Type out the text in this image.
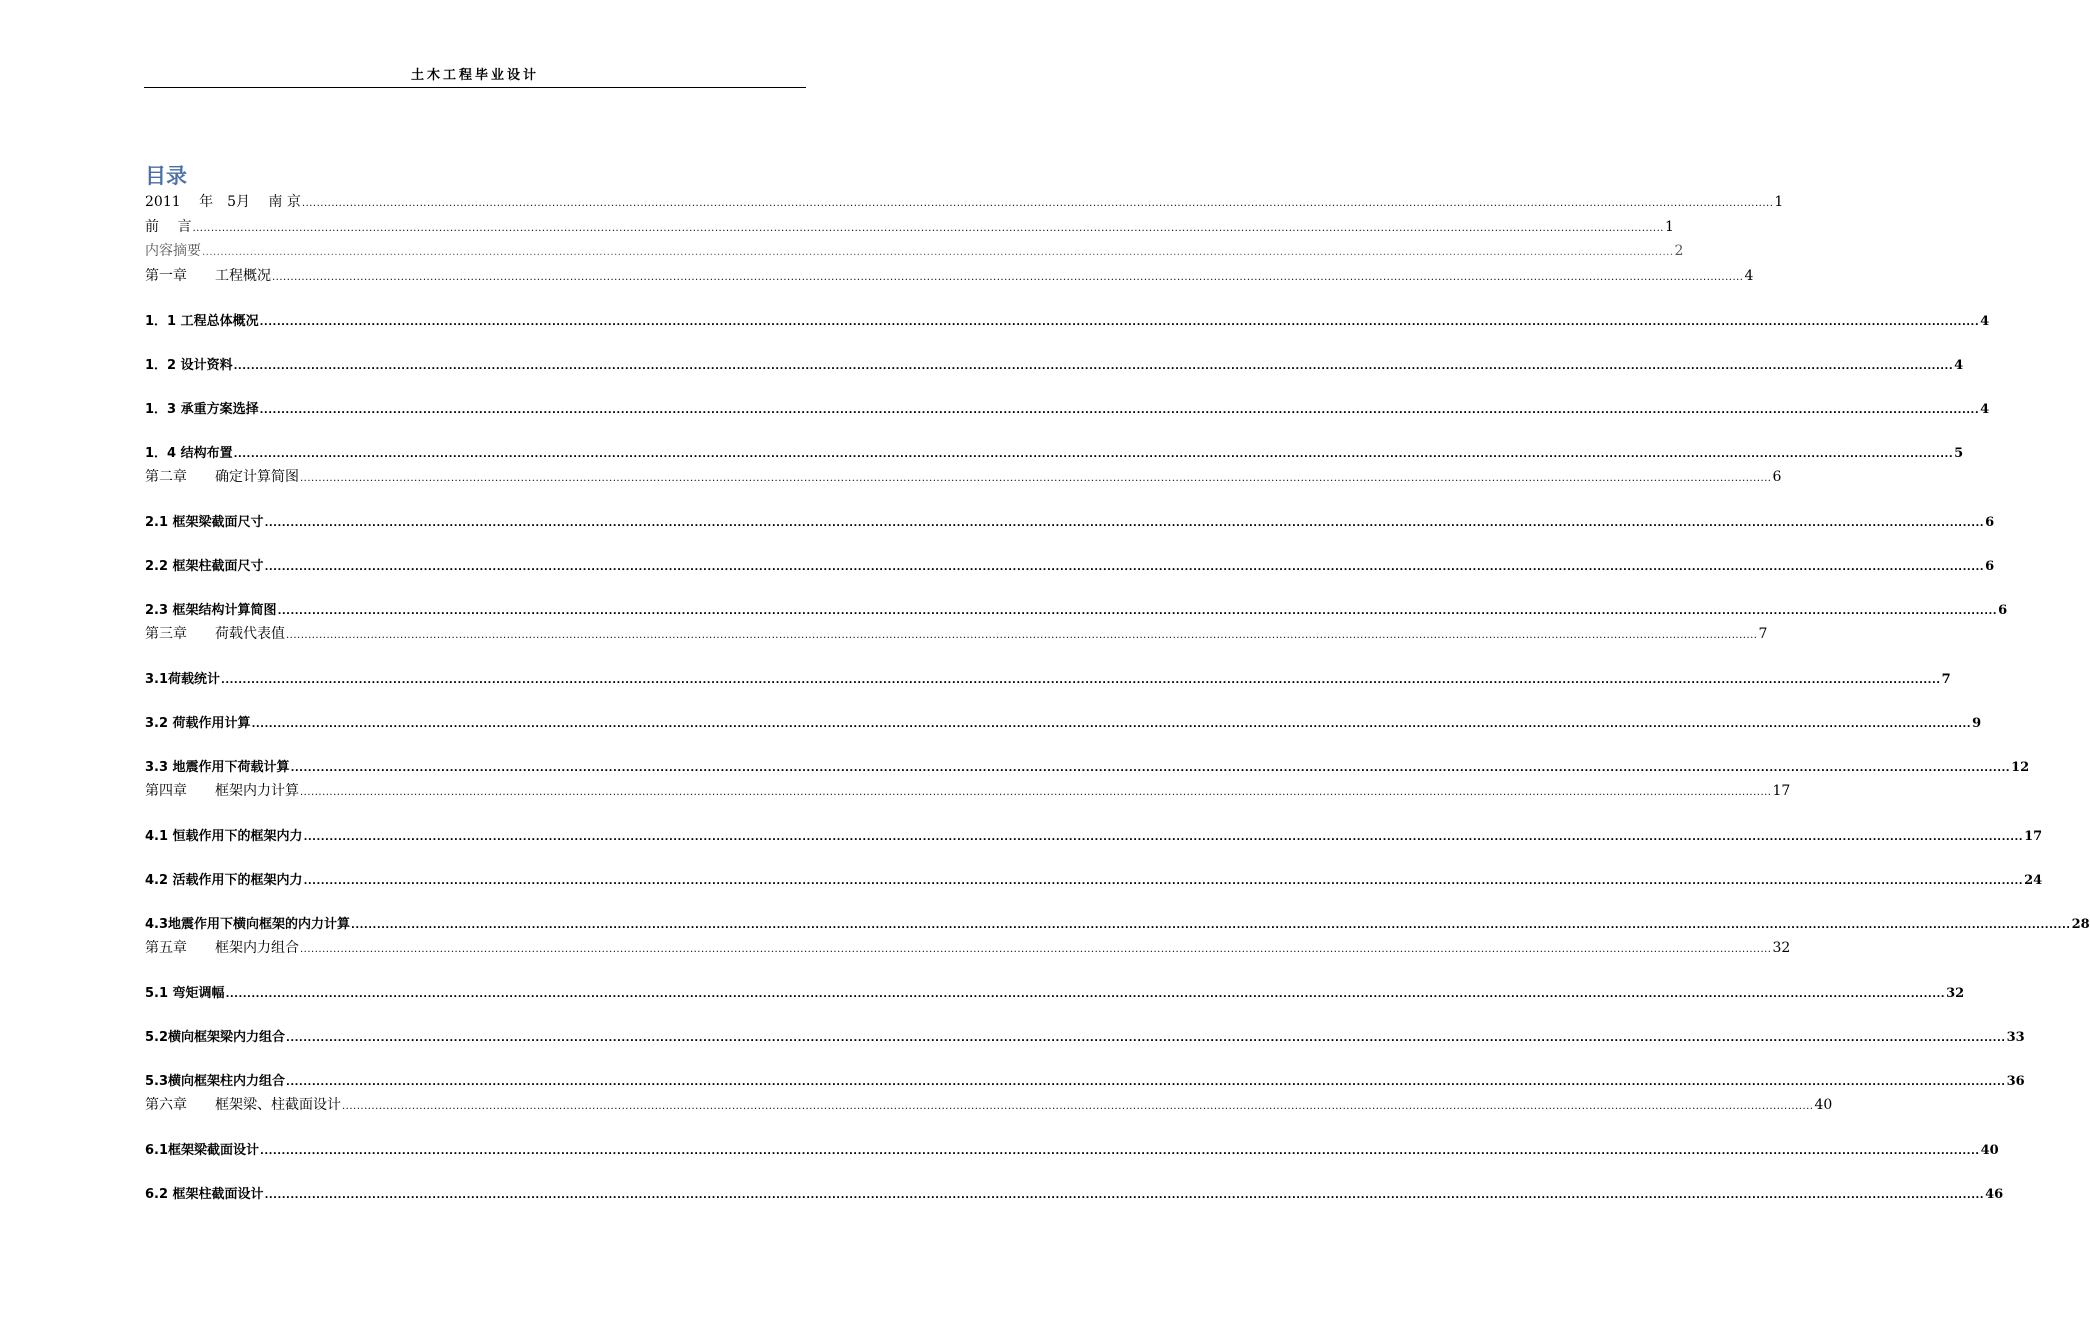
土木工程毕业设计
目录
2011　 年　5月　 南 京 ................................................................................................................................................................................................................................................................................................................................................................................................................ 1
前　 言 ................................................................................................................................................................................................................................................................................................................................................................................................................ 1
内容摘要 ................................................................................................................................................................................................................................................................................................................................................................................................................ 2
第一章　　工程概况 ................................................................................................................................................................................................................................................................................................................................................................................................................ 4
1．1 工程总体概况 ................................................................................................................................................................................................................................................................................................................................................................................................................ 4
1．2 设计资料 ................................................................................................................................................................................................................................................................................................................................................................................................................ 4
1．3 承重方案选择 ................................................................................................................................................................................................................................................................................................................................................................................................................ 4
1．4 结构布置 ................................................................................................................................................................................................................................................................................................................................................................................................................ 5
第二章　　确定计算简图 ................................................................................................................................................................................................................................................................................................................................................................................................................ 6
2.1 框架梁截面尺寸 ................................................................................................................................................................................................................................................................................................................................................................................................................ 6
2.2 框架柱截面尺寸 ................................................................................................................................................................................................................................................................................................................................................................................................................ 6
2.3 框架结构计算简图 ................................................................................................................................................................................................................................................................................................................................................................................................................ 6
第三章　　荷载代表值 ................................................................................................................................................................................................................................................................................................................................................................................................................ 7
3.1荷载统计 ................................................................................................................................................................................................................................................................................................................................................................................................................ 7
3.2 荷载作用计算 ................................................................................................................................................................................................................................................................................................................................................................................................................ 9
3.3 地震作用下荷载计算 ................................................................................................................................................................................................................................................................................................................................................................................................................ 12
第四章　　框架内力计算 ................................................................................................................................................................................................................................................................................................................................................................................................................ 17
4.1 恒载作用下的框架内力 ................................................................................................................................................................................................................................................................................................................................................................................................................ 17
4.2 活载作用下的框架内力 ................................................................................................................................................................................................................................................................................................................................................................................................................ 24
4.3地震作用下横向框架的内力计算 ................................................................................................................................................................................................................................................................................................................................................................................................................ 28
第五章　　框架内力组合 ................................................................................................................................................................................................................................................................................................................................................................................................................ 32
5.1 弯矩调幅 ................................................................................................................................................................................................................................................................................................................................................................................................................ 32
5.2横向框架梁内力组合 ................................................................................................................................................................................................................................................................................................................................................................................................................ 33
5.3横向框架柱内力组合 ................................................................................................................................................................................................................................................................................................................................................................................................................ 36
第六章　　框架梁、柱截面设计 ................................................................................................................................................................................................................................................................................................................................................................................................................ 40
6.1框架梁截面设计 ................................................................................................................................................................................................................................................................................................................................................................................................................ 40
6.2 框架柱截面设计 ................................................................................................................................................................................................................................................................................................................................................................................................................ 46
